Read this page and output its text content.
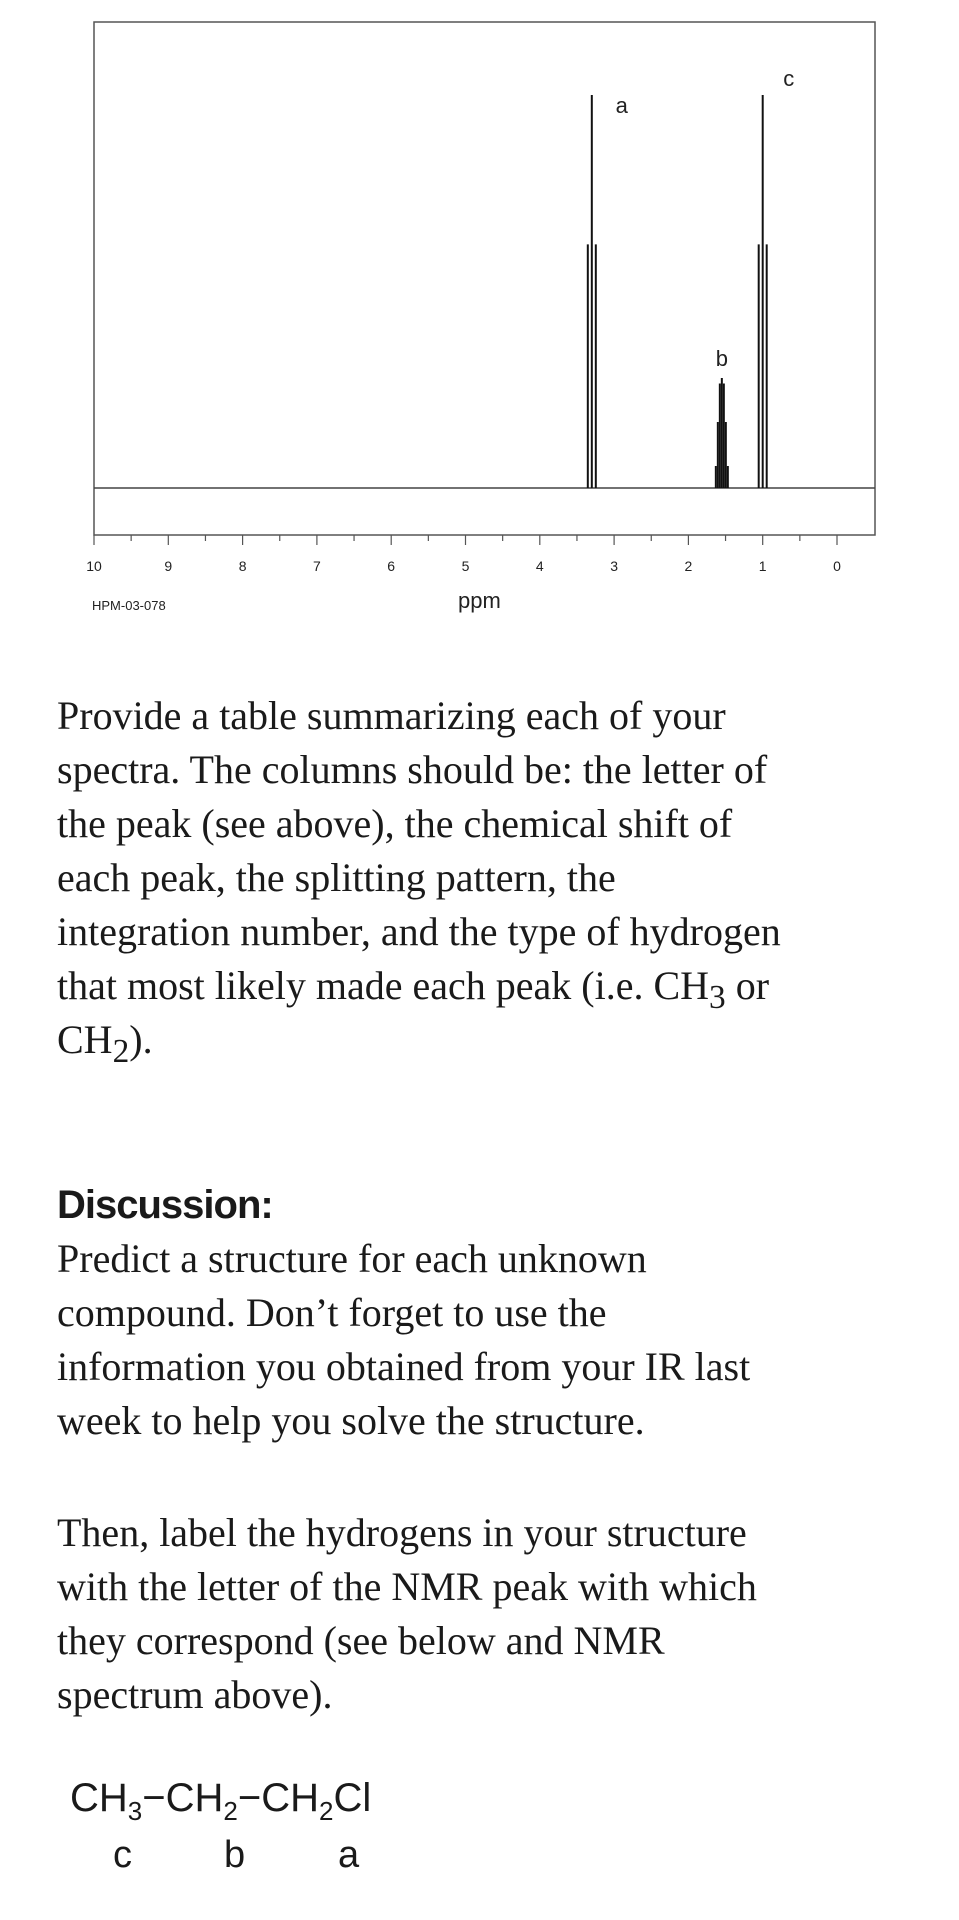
10	9	8	7	6	5	4	3	2	1	0
a
b
c
HPM-03-078	ppm

Provide a table summarizing each of your
spectra. The columns should be: the letter of
the peak (see above), the chemical shift of
each peak, the splitting pattern, the
integration number, and the type of hydrogen
that most likely made each peak (i.e. $CH_3$ or
$CH_2$).

Discussion:

Predict a structure for each unknown
compound. Don’t forget to use the
information you obtained from your IR last
week to help you solve the structure.

Then, label the hydrogens in your structure
with the letter of the NMR peak with which
they correspond (see below and NMR
spectrum above).

$CH_3-CH_2-CH_2Cl$
c b a
